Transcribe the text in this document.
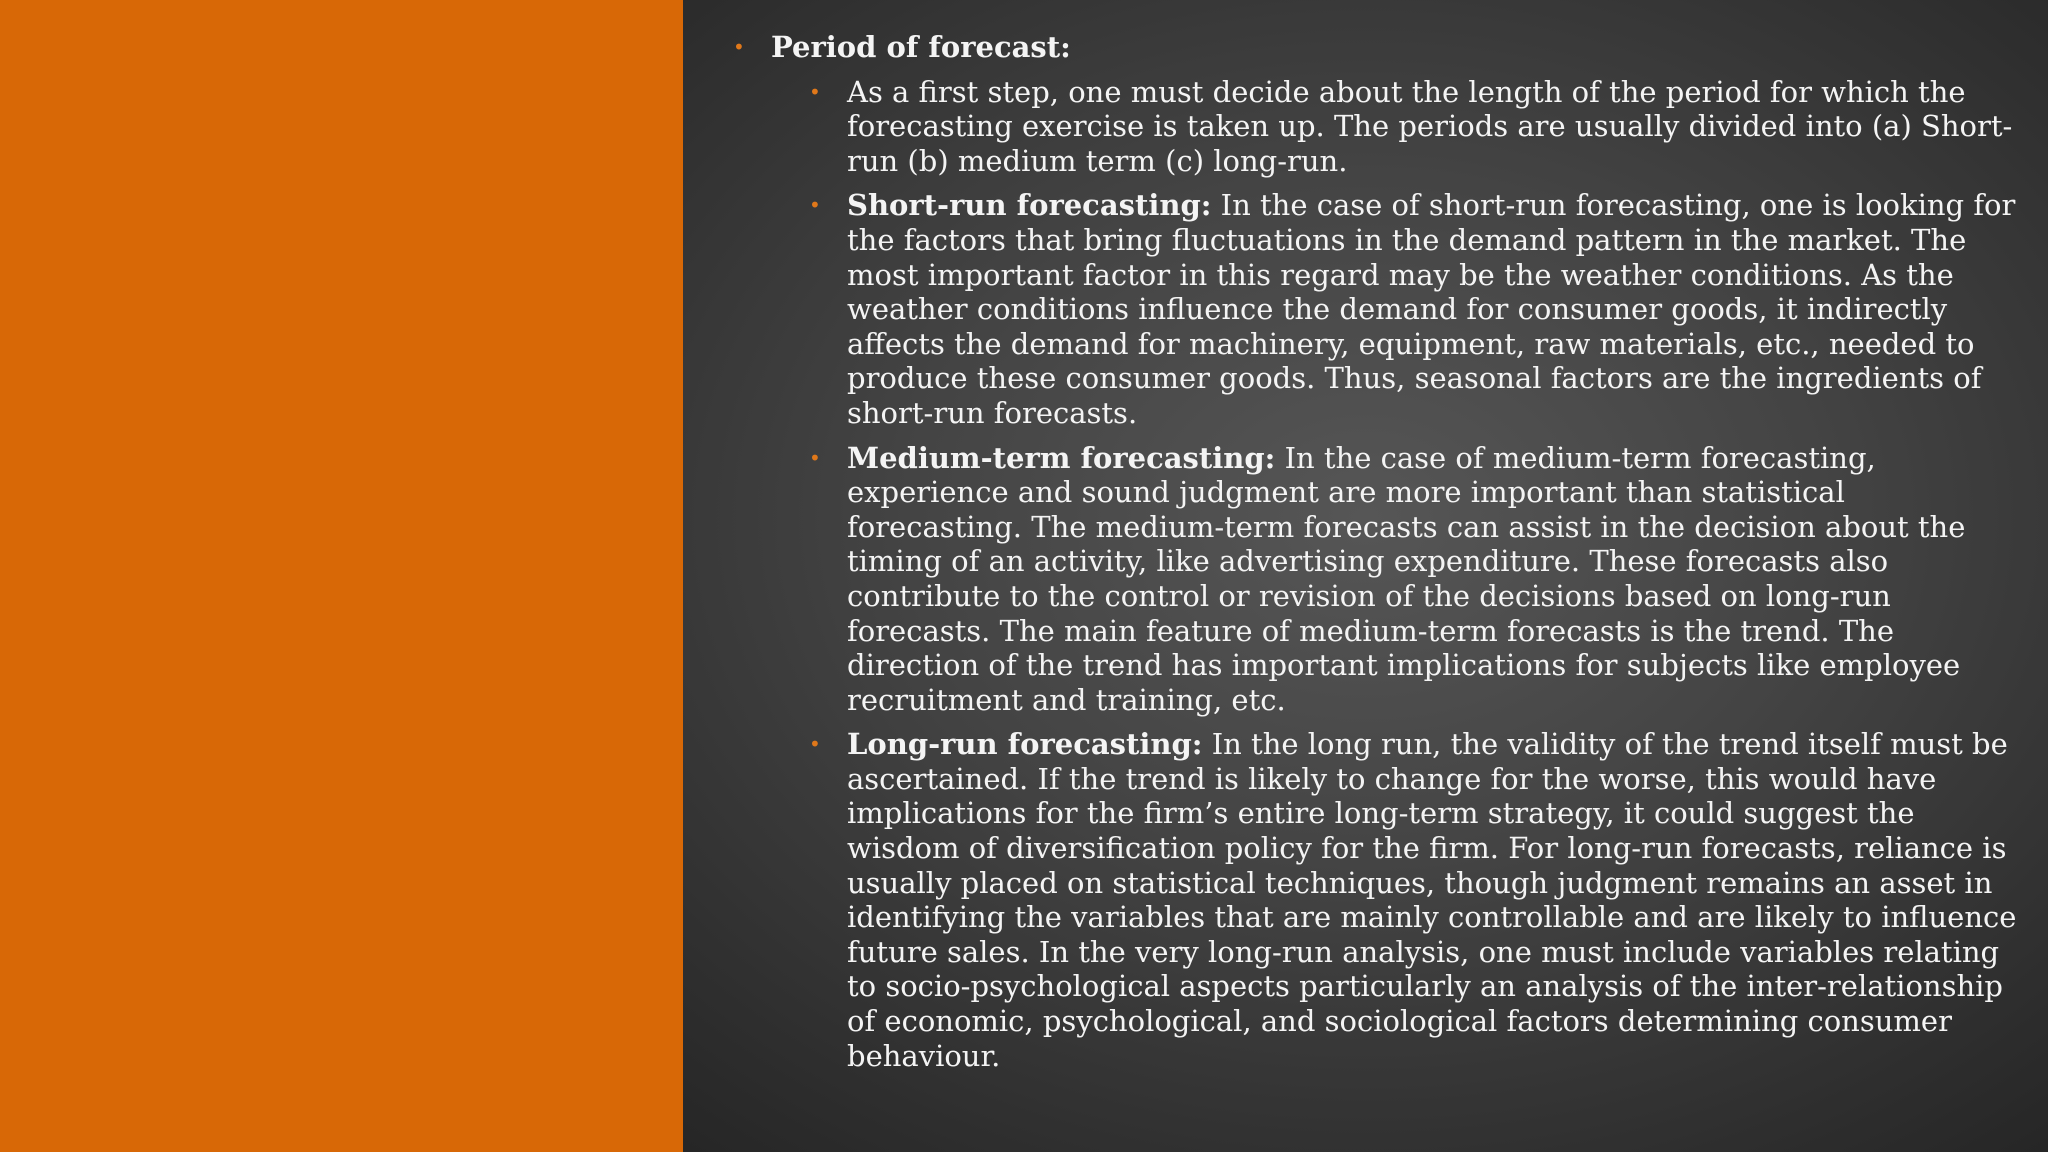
• Period of forecast:
• As a first step, one must decide about the length of the period for which the forecasting exercise is taken up. The periods are usually divided into (a) Short-run (b) medium term (c) long-run.
• Short-run forecasting: In the case of short-run forecasting, one is looking for the factors that bring fluctuations in the demand pattern in the market. The most important factor in this regard may be the weather conditions. As the weather conditions influence the demand for consumer goods, it indirectly affects the demand for machinery, equipment, raw materials, etc., needed to produce these consumer goods. Thus, seasonal factors are the ingredients of short-run forecasts.
• Medium-term forecasting: In the case of medium-term forecasting, experience and sound judgment are more important than statistical forecasting. The medium-term forecasts can assist in the decision about the timing of an activity, like advertising expenditure. These forecasts also contribute to the control or revision of the decisions based on long-run forecasts. The main feature of medium-term forecasts is the trend. The direction of the trend has important implications for subjects like employee recruitment and training, etc.
• Long-run forecasting: In the long run, the validity of the trend itself must be ascertained. If the trend is likely to change for the worse, this would have implications for the firm’s entire long-term strategy, it could suggest the wisdom of diversification policy for the firm. For long-run forecasts, reliance is usually placed on statistical techniques, though judgment remains an asset in identifying the variables that are mainly controllable and are likely to influence future sales. In the very long-run analysis, one must include variables relating to socio-psychological aspects particularly an analysis of the inter-relationship of economic, psychological, and sociological factors determining consumer behaviour.
